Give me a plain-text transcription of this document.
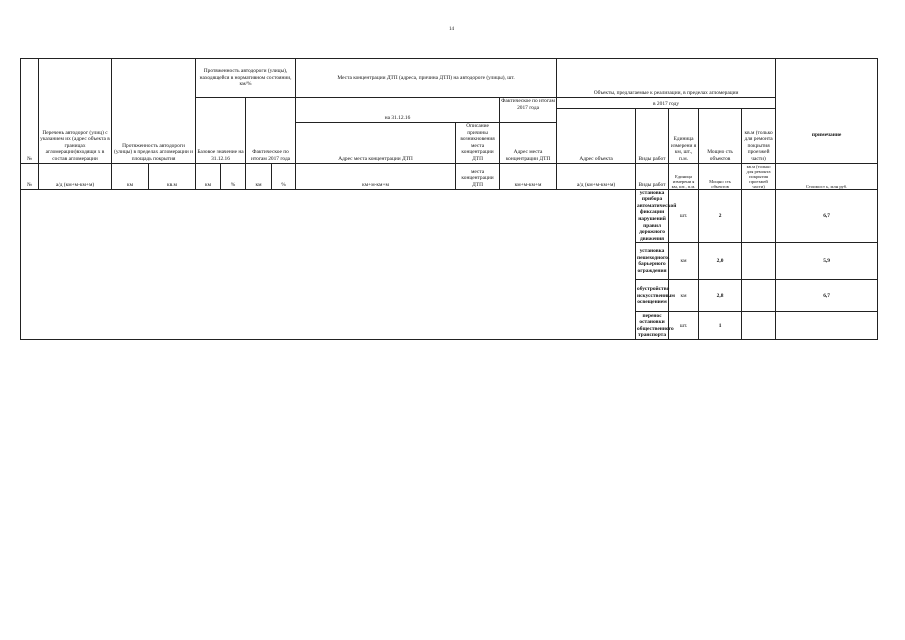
14
№	Перечень автодорог (улиц) с указанием их (адрес объекта в границах агломерации)входящи х в состав агломерации	Протяженность автодороги (улицы) в пределах агломерации и площадь покрытия		Протяженность автодороги (улицы), находящейся в нормативном состоянии, км/%				Места концентрации ДТП (адреса, причина ДТП) на автодороге (улицы), шт.			Объекты, предлагаемые к реализации, в пределах агломерации					примечание	
				Базовое значение на 31.12.16		Фактическое по итогам 2017 года		на 31.12.16		Фактическое по итогам 2017 года	в 2017 году						
											Адрес объекта	Виды работ	Единица измерени я км, шт., п.м.	Мощно сть объектов	кв.м (только для ремонта покрытия проезжей части)		
								Адрес места концентрации ДТП	Описание причины возникновения места концентрации ДТП	Адрес места концентрации ДТП							
№	а/д (км+м-км+м)	км	кв.м	км	%	км	%	км+м-км+м	места концентрации ДТП	км+м-км+м	а/д (км+м-км+м)	Виды работ	Единица измерени я км, шт., п.м.	Мощно сть объектов	кв.м (только для ремонта покрытия проезжей части)	Стоимост ь, млн руб.	
												установка прибора автоматической фиксации нарушений правил дорожного движения	шт.	2		6,7	
												установка пешеходного, барьерного ограждения	км	2,0		5,9	
												обустройство искусственным освещением	км	2,8		6,7	
												перенос остановки общественного транспорта	шт.	1			
